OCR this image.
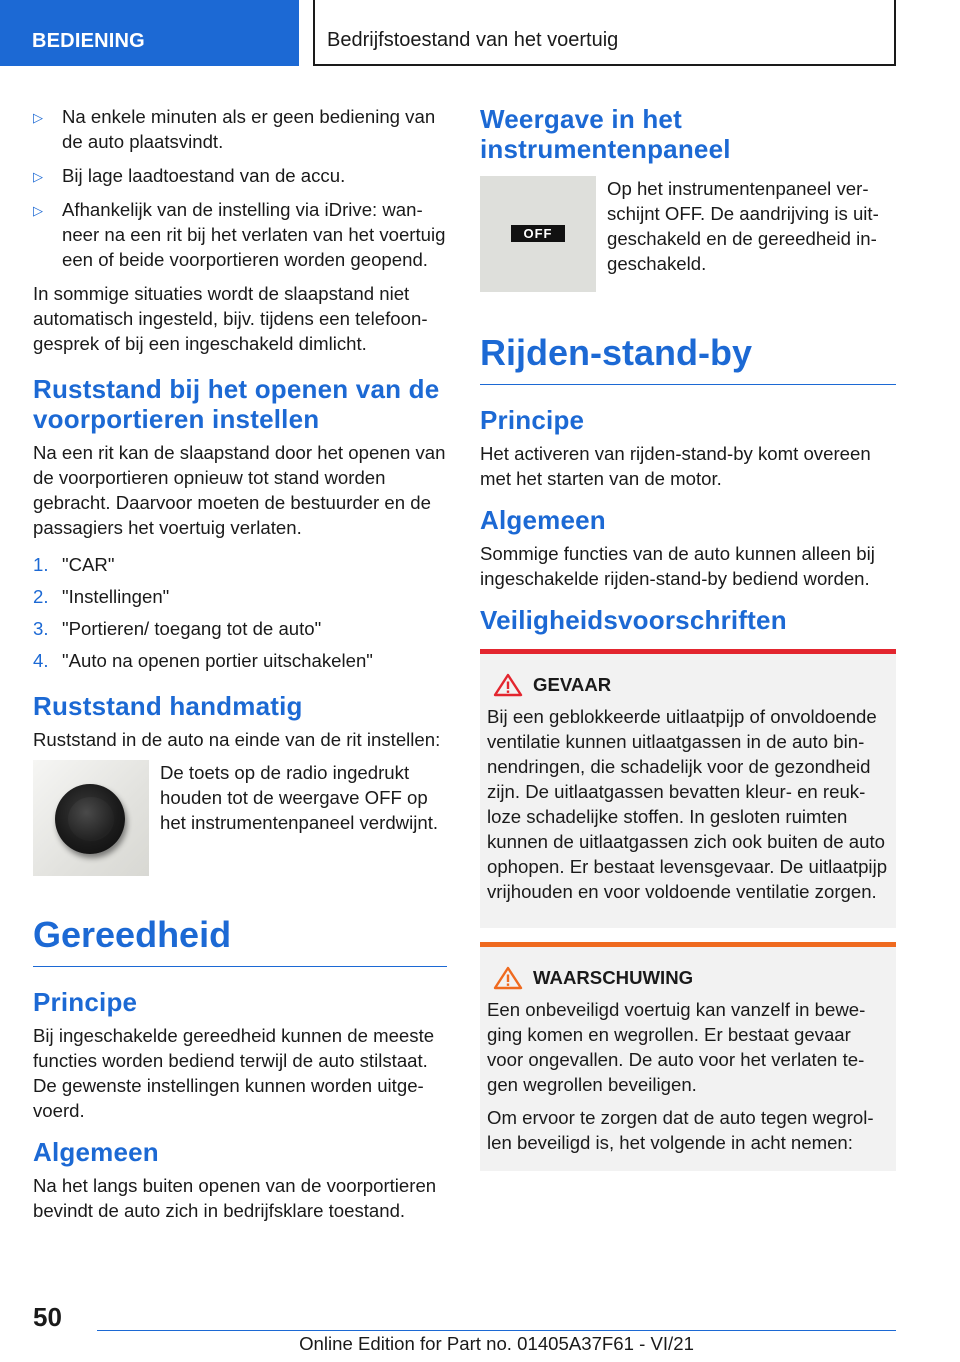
BEDIENING	Bedrijfstoestand van het voertuig
▷ Na enkele minuten als er geen bediening van de auto plaatsvindt.
▷ Bij lage laadtoestand van de accu.
▷ Afhankelijk van de instelling via iDrive: wanneer na een rit bij het verlaten van het voertuig een of beide voorportieren worden geopend.

In sommige situaties wordt de slaapstand niet automatisch ingesteld, bijv. tijdens een telefoongesprek of bij een ingeschakeld dimlicht.

Ruststand bij het openen van de voorportieren instellen

Na een rit kan de slaapstand door het openen van de voorportieren opnieuw tot stand worden gebracht. Daarvoor moeten de bestuurder en de passagiers het voertuig verlaten.

1. "CAR"
2. "Instellingen"
3. "Portieren/ toegang tot de auto"
4. "Auto na openen portier uitschakelen"
Ruststand handmatig

Ruststand in de auto na einde van de rit instellen:

De toets op de radio ingedrukt houden tot de weergave OFF op het instrumentenpaneel verdwijnt.
Gereedheid
Principe

Bij ingeschakelde gereedheid kunnen de meeste functies worden bediend terwijl de auto stilstaat. De gewenste instellingen kunnen worden uitgevoerd.

Algemeen

Na het langs buiten openen van de voorportieren bevindt de auto zich in bedrijfsklare toestand.

Weergave in het instrumentenpaneel
OFF
Op het instrumentenpaneel verschijnt OFF. De aandrijving is uitgeschakeld en de gereedheid ingeschakeld.
Rijden-stand-by
Principe

Het activeren van rijden-stand-by komt overeen met het starten van de motor.

Algemeen

Sommige functies van de auto kunnen alleen bij ingeschakelde rijden-stand-by bediend worden.

Veiligheidsvoorschriften
GEVAAR

Bij een geblokkeerde uitlaatpijp of onvoldoende ventilatie kunnen uitlaatgassen in de auto binnendringen, die schadelijk voor de gezondheid zijn. De uitlaatgassen bevatten kleur- en reukloze schadelijke stoffen. In gesloten ruimten kunnen de uitlaatgassen zich ook buiten de auto ophopen. Er bestaat levensgevaar. De uitlaatpijp vrijhouden en voor voldoende ventilatie zorgen.

WAARSCHUWING

Een onbeveiligd voertuig kan vanzelf in beweging komen en wegrollen. Er bestaat gevaar voor ongevallen. De auto voor het verlaten tegen wegrollen beveiligen.

Om ervoor te zorgen dat de auto tegen wegrollen beveiligd is, het volgende in acht nemen:

50
Online Edition for Part no. 01405A37F61 - VI/21
